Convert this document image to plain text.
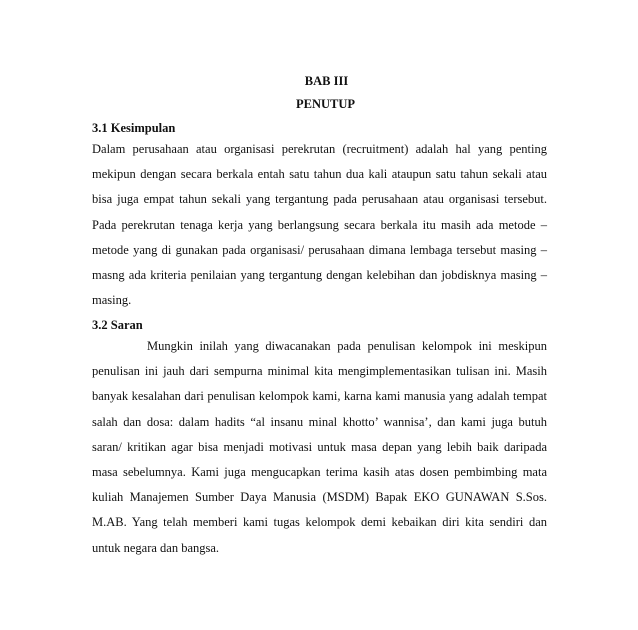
BAB III
PENUTUP
3.1 Kesimpulan

Dalam perusahaan atau organisasi perekrutan (recruitment) adalah hal yang penting mekipun dengan secara berkala entah satu tahun dua kali ataupun satu tahun sekali atau bisa juga empat tahun sekali yang tergantung pada perusahaan atau organisasi tersebut. Pada perekrutan tenaga kerja yang berlangsung secara berkala itu masih ada metode – metode yang di gunakan pada organisasi/ perusahaan dimana lembaga tersebut masing – masng ada kriteria penilaian yang tergantung dengan kelebihan dan jobdisknya masing – masing.

3.2 Saran

Mungkin inilah yang diwacanakan pada penulisan kelompok ini meskipun penulisan ini jauh dari sempurna minimal kita mengimplementasikan tulisan ini. Masih banyak kesalahan dari penulisan kelompok kami, karna kami manusia yang adalah tempat salah dan dosa: dalam hadits “al insanu minal khotto’ wannisa’, dan kami juga butuh saran/ kritikan agar bisa menjadi motivasi untuk masa depan yang lebih baik daripada masa sebelumnya. Kami juga mengucapkan terima kasih atas dosen pembimbing mata kuliah Manajemen Sumber Daya Manusia (MSDM) Bapak EKO GUNAWAN S.Sos. M.AB. Yang telah memberi kami tugas kelompok demi kebaikan diri kita sendiri dan untuk negara dan bangsa.
